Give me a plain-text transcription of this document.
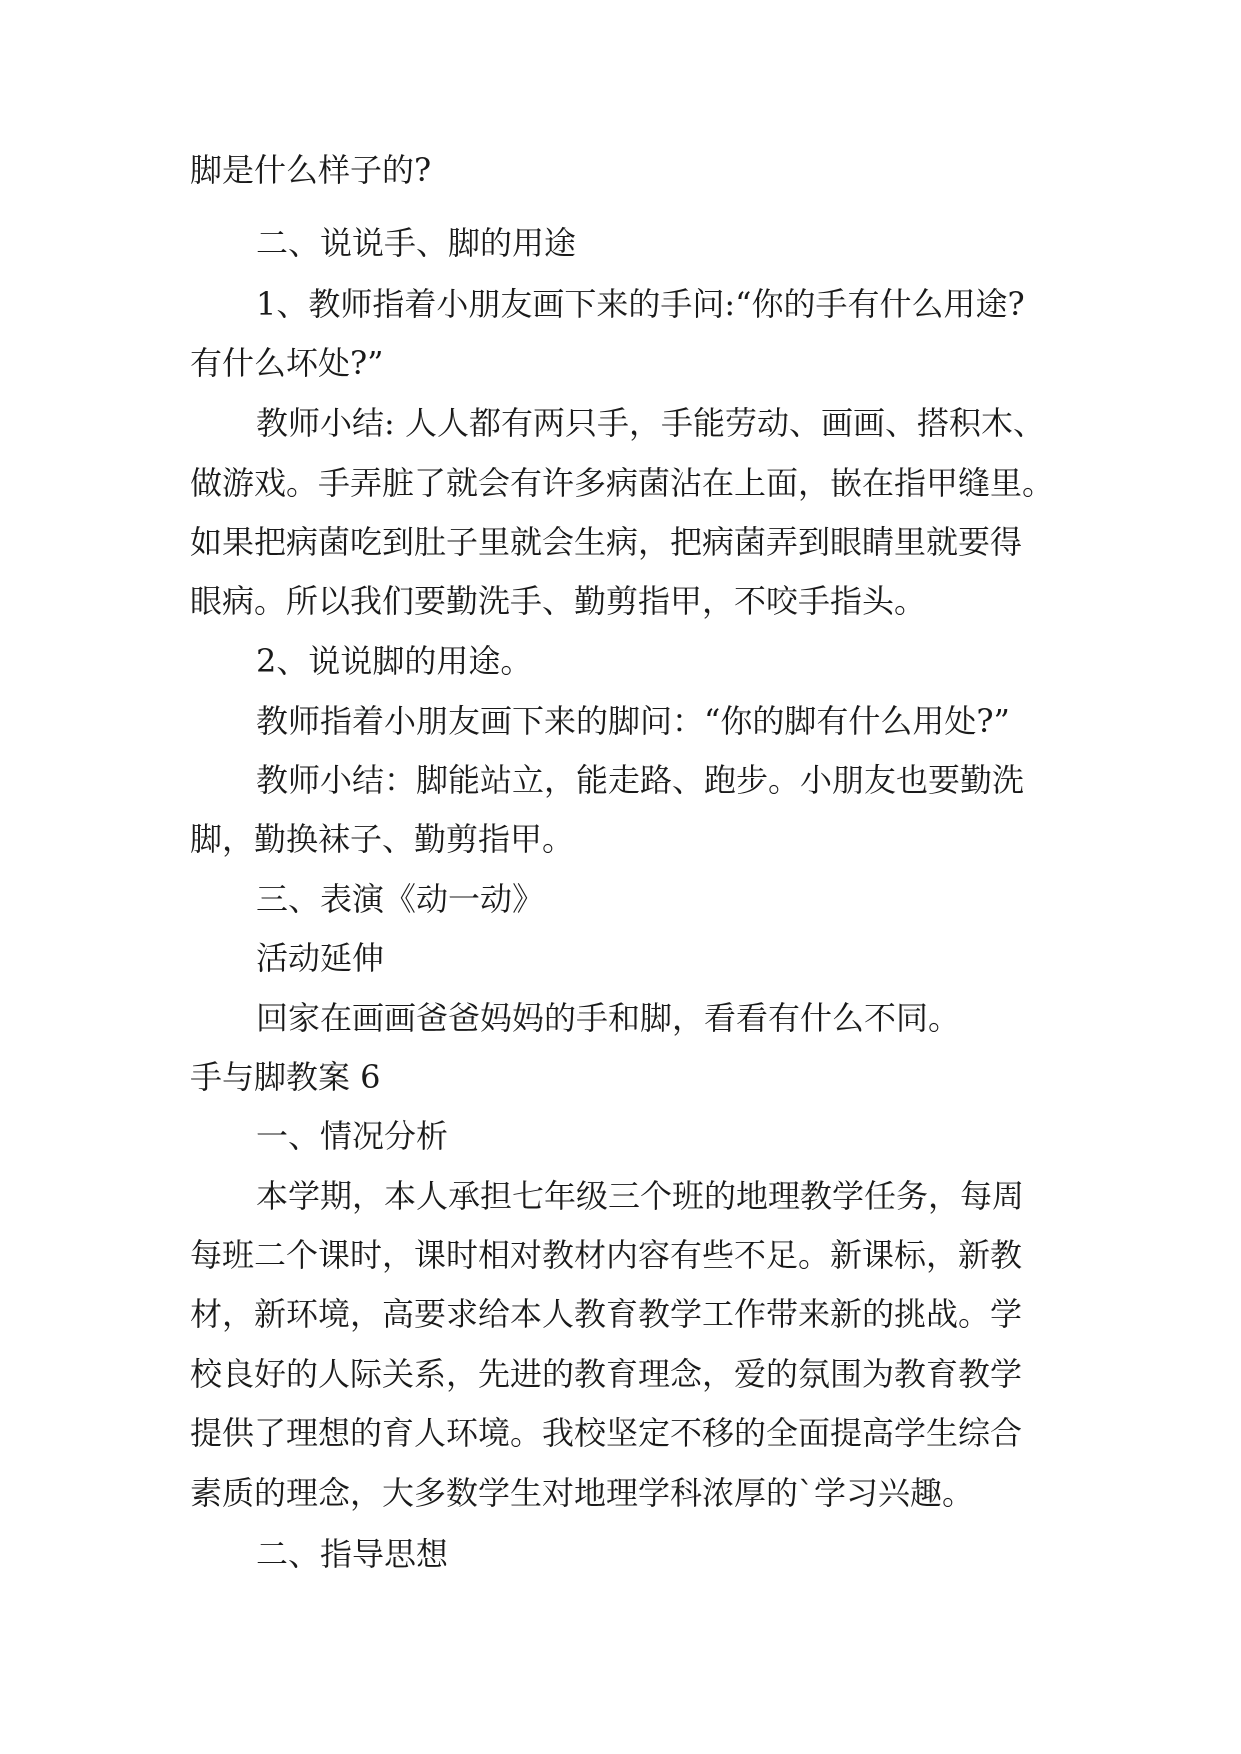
脚是什么样子的?
二、说说手、脚的用途
1、教师指着小朋友画下来的手问:“你的手有什么用途?
有什么坏处?”
教师小结: 人人都有两只手，手能劳动、画画、搭积木、
做游戏。手弄脏了就会有许多病菌沾在上面，嵌在指甲缝里。
如果把病菌吃到肚子里就会生病，把病菌弄到眼睛里就要得
眼病。所以我们要勤洗手、勤剪指甲，不咬手指头。
2、说说脚的用途。
教师指着小朋友画下来的脚问：“你的脚有什么用处?”
教师小结：脚能站立，能走路、跑步。小朋友也要勤洗
脚，勤换袜子、勤剪指甲。
三、表演《动一动》
活动延伸
回家在画画爸爸妈妈的手和脚，看看有什么不同。
手与脚教案 6
一、情况分析
本学期，本人承担七年级三个班的地理教学任务，每周
每班二个课时，课时相对教材内容有些不足。新课标，新教
材，新环境，高要求给本人教育教学工作带来新的挑战。学
校良好的人际关系，先进的教育理念，爱的氛围为教育教学
提供了理想的育人环境。我校坚定不移的全面提高学生综合
素质的理念，大多数学生对地理学科浓厚的`学习兴趣。
二、指导思想
